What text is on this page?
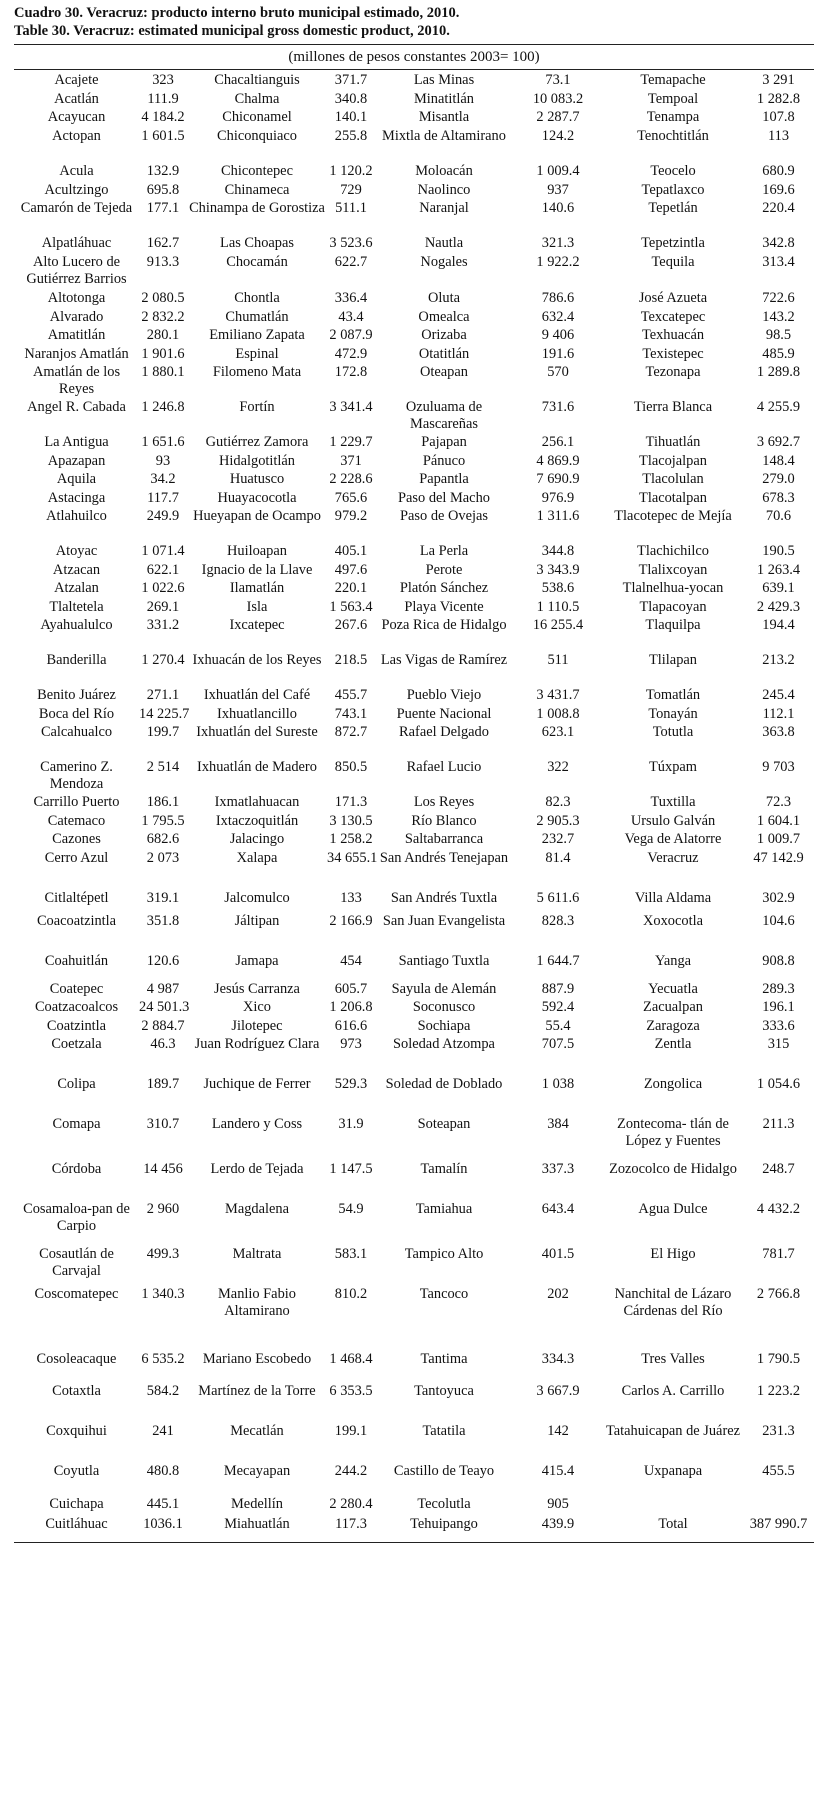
Cuadro 30. Veracruz: producto interno bruto municipal estimado, 2010.
Table 30. Veracruz: estimated municipal gross domestic product, 2010.
(millones de pesos constantes 2003= 100)
Acajete	323	Chacaltianguis	371.7	Las Minas	73.1	Temapache	3 291
Acatlán	111.9	Chalma	340.8	Minatitlán	10 083.2	Tempoal	1 282.8
Acayucan	4 184.2	Chiconamel	140.1	Misantla	2 287.7	Tenampa	107.8
Actopan	1 601.5	Chiconquiaco	255.8	Mixtla de Altamirano	124.2	Tenochtitlán	113
Acula	132.9	Chicontepec	1 120.2	Moloacán	1 009.4	Teocelo	680.9
Acultzingo	695.8	Chinameca	729	Naolinco	937	Tepatlaxco	169.6
Camarón de Tejeda	177.1	Chinampa de Gorostiza	511.1	Naranjal	140.6	Tepetlán	220.4
Alpatláhuac	162.7	Las Choapas	3 523.6	Nautla	321.3	Tepetzintla	342.8
Alto Lucero de Gutiérrez Barrios	913.3	Chocamán	622.7	Nogales	1 922.2	Tequila	313.4
Altotonga	2 080.5	Chontla	336.4	Oluta	786.6	José Azueta	722.6
Alvarado	2 832.2	Chumatlán	43.4	Omealca	632.4	Texcatepec	143.2
Amatitlán	280.1	Emiliano Zapata	2 087.9	Orizaba	9 406	Texhuacán	98.5
Naranjos Amatlán	1 901.6	Espinal	472.9	Otatitlán	191.6	Texistepec	485.9
Amatlán de los Reyes	1 880.1	Filomeno Mata	172.8	Oteapan	570	Tezonapa	1 289.8
Angel R. Cabada	1 246.8	Fortín	3 341.4	Ozuluama de Mascareñas	731.6	Tierra Blanca	4 255.9
La Antigua	1 651.6	Gutiérrez Zamora	1 229.7	Pajapan	256.1	Tihuatlán	3 692.7
Apazapan	93	Hidalgotitlán	371	Pánuco	4 869.9	Tlacojalpan	148.4
Aquila	34.2	Huatusco	2 228.6	Papantla	7 690.9	Tlacolulan	279.0
Astacinga	117.7	Huayacocotla	765.6	Paso del Macho	976.9	Tlacotalpan	678.3
Atlahuilco	249.9	Hueyapan de Ocampo	979.2	Paso de Ovejas	1 311.6	Tlacotepec de Mejía	70.6
Atoyac	1 071.4	Huiloapan	405.1	La Perla	344.8	Tlachichilco	190.5
Atzacan	622.1	Ignacio de la Llave	497.6	Perote	3 343.9	Tlalixcoyan	1 263.4
Atzalan	1 022.6	Ilamatlán	220.1	Platón Sánchez	538.6	Tlalnelhua-yocan	639.1
Tlaltetela	269.1	Isla	1 563.4	Playa Vicente	1 110.5	Tlapacoyan	2 429.3
Ayahualulco	331.2	Ixcatepec	267.6	Poza Rica de Hidalgo	16 255.4	Tlaquilpa	194.4
Banderilla	1 270.4	Ixhuacán de los Reyes	218.5	Las Vigas de Ramírez	511	Tlilapan	213.2
Benito Juárez	271.1	Ixhuatlán del Café	455.7	Pueblo Viejo	3 431.7	Tomatlán	245.4
Boca del Río	14 225.7	Ixhuatlancillo	743.1	Puente Nacional	1 008.8	Tonayán	112.1
Calcahualco	199.7	Ixhuatlán del Sureste	872.7	Rafael Delgado	623.1	Totutla	363.8
Camerino Z. Mendoza	2 514	Ixhuatlán de Madero	850.5	Rafael Lucio	322	Túxpam	9 703
Carrillo Puerto	186.1	Ixmatlahuacan	171.3	Los Reyes	82.3	Tuxtilla	72.3
Catemaco	1 795.5	Ixtaczoquitlán	3 130.5	Río Blanco	2 905.3	Ursulo Galván	1 604.1
Cazones	682.6	Jalacingo	1 258.2	Saltabarranca	232.7	Vega de Alatorre	1 009.7
Cerro Azul	2 073	Xalapa	34 655.1	San Andrés Tenejapan	81.4	Veracruz	47 142.9
Citlaltépetl	319.1	Jalcomulco	133	San Andrés Tuxtla	5 611.6	Villa Aldama	302.9
Coacoatzintla	351.8	Jáltipan	2 166.9	San Juan Evangelista	828.3	Xoxocotla	104.6
Coahuitlán	120.6	Jamapa	454	Santiago Tuxtla	1 644.7	Yanga	908.8
Coatepec	4 987	Jesús Carranza	605.7	Sayula de Alemán	887.9	Yecuatla	289.3
Coatzacoalcos	24 501.3	Xico	1 206.8	Soconusco	592.4	Zacualpan	196.1
Coatzintla	2 884.7	Jilotepec	616.6	Sochiapa	55.4	Zaragoza	333.6
Coetzala	46.3	Juan Rodríguez Clara	973	Soledad Atzompa	707.5	Zentla	315
Colipa	189.7	Juchique de Ferrer	529.3	Soledad de Doblado	1 038	Zongolica	1 054.6
Comapa	310.7	Landero y Coss	31.9	Soteapan	384	Zontecoma- tlán de López y Fuentes	211.3
Córdoba	14 456	Lerdo de Tejada	1 147.5	Tamalín	337.3	Zozocolco de Hidalgo	248.7
Cosamaloa-pan de Carpio	2 960	Magdalena	54.9	Tamiahua	643.4	Agua Dulce	4 432.2
Cosautlán de Carvajal	499.3	Maltrata	583.1	Tampico Alto	401.5	El Higo	781.7
Coscomatepec	1 340.3	Manlio Fabio Altamirano	810.2	Tancoco	202	Nanchital de Lázaro Cárdenas del Río	2 766.8
Cosoleacaque	6 535.2	Mariano Escobedo	1 468.4	Tantima	334.3	Tres Valles	1 790.5
Cotaxtla	584.2	Martínez de la Torre	6 353.5	Tantoyuca	3 667.9	Carlos A. Carrillo	1 223.2
Coxquihui	241	Mecatlán	199.1	Tatatila	142	Tatahuicapan de Juárez	231.3
Coyutla	480.8	Mecayapan	244.2	Castillo de Teayo	415.4	Uxpanapa	455.5
Cuichapa	445.1	Medellín	2 280.4	Tecolutla	905		
Cuitláhuac	1036.1	Miahuatlán	117.3	Tehuipango	439.9	Total	387 990.7
